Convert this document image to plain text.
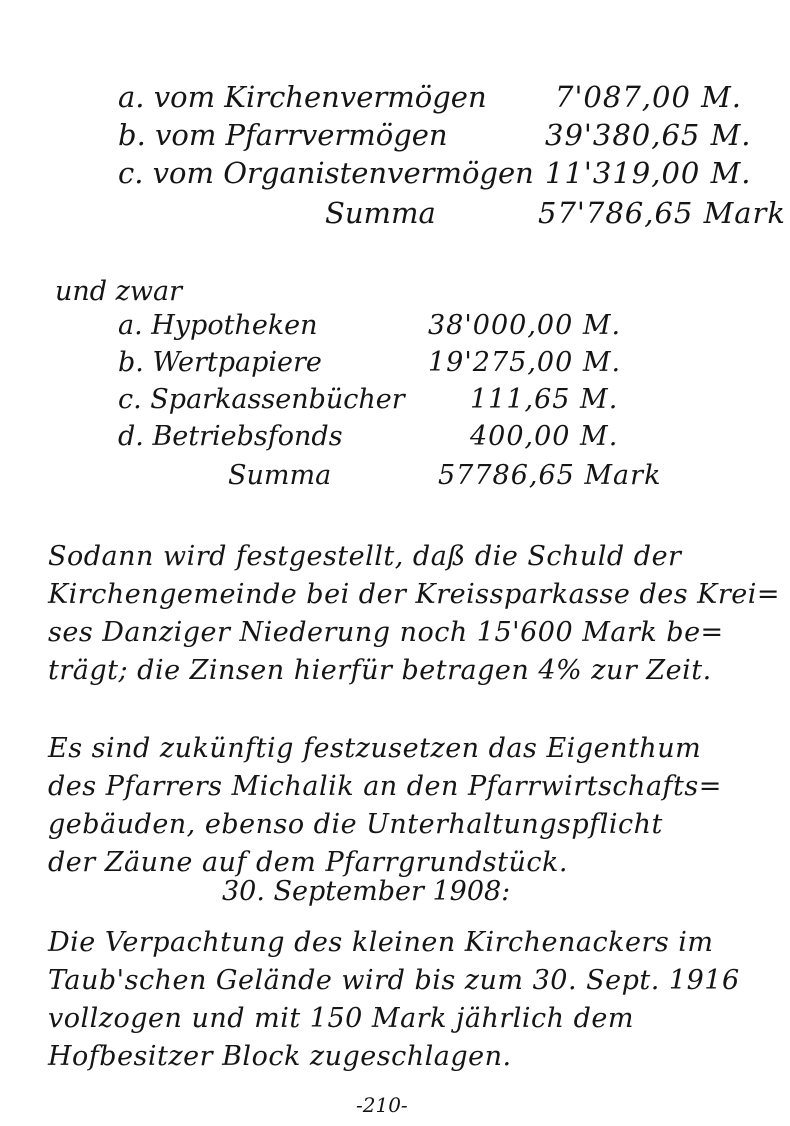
a. vom Kirchenvermögen 7'087,00 M.
b. vom Pfarrvermögen	39'380,65 M.
c. vom Organistenvermögen 11'319,00 M.
Summa	57'786,65 Mark
und zwar
a. Hypotheken	38'000,00 M.
b. Wertpapiere	19'275,00 M.
c. Sparkassenbücher 111,65 M.
d. Betriebsfonds	400,00 M.
Summa	57786,65 Mark
Sodann wird festgestellt, daß die Schuld der
Kirchengemeinde bei der Kreissparkasse des Krei=
ses Danziger Niederung noch 15'600 Mark be=
trägt; die Zinsen hierfür betragen 4% zur Zeit.
Es sind zukünftig festzusetzen das Eigenthum
des Pfarrers Michalik an den Pfarrwirtschafts=
gebäuden, ebenso die Unterhaltungspflicht
der Zäune auf dem Pfarrgrundstück.
30. September 1908:
Die Verpachtung des kleinen Kirchenackers im
Taub'schen Gelände wird bis zum 30. Sept. 1916
vollzogen und mit 150 Mark jährlich dem
Hofbesitzer Block zugeschlagen.
-210-
